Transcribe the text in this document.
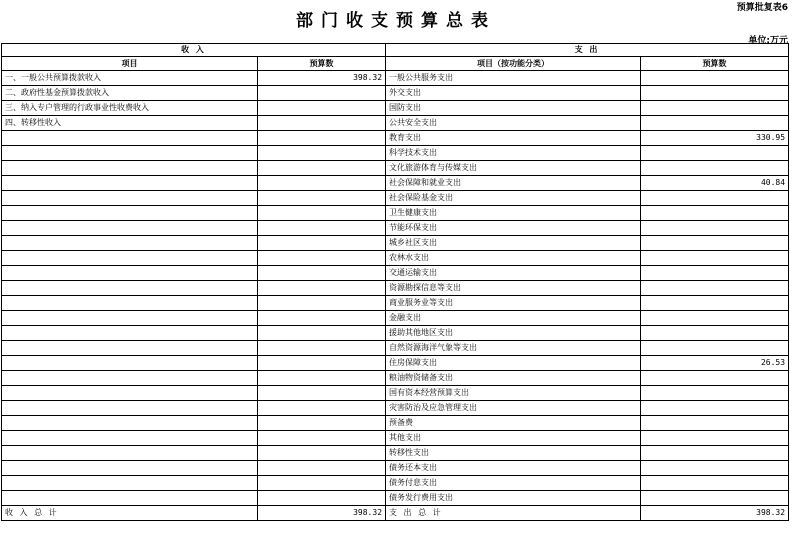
预算批复表6
部门收支预算总表
单位:万元
收 入		支 出	
项目	预算数	项目（按功能分类）	预算数
一、一般公共预算拨款收入	398.32	一般公共服务支出	
二、政府性基金预算拨款收入		外交支出	
三、纳入专户管理的行政事业性收费收入		国防支出	
四、转移性收入		公共安全支出	
		教育支出	330.95
		科学技术支出	
		文化旅游体育与传媒支出	
		社会保障和就业支出	40.84
		社会保险基金支出	
		卫生健康支出	
		节能环保支出	
		城乡社区支出	
		农林水支出	
		交通运输支出	
		资源勘探信息等支出	
		商业服务业等支出	
		金融支出	
		援助其他地区支出	
		自然资源海洋气象等支出	
		住房保障支出	26.53
		粮油物资储备支出	
		国有资本经营预算支出	
		灾害防治及应急管理支出	
		预备费	
		其他支出	
		转移性支出	
		债务还本支出	
		债务付息支出	
		债务发行费用支出	
收 入 总 计	398.32	支 出 总 计	398.32
